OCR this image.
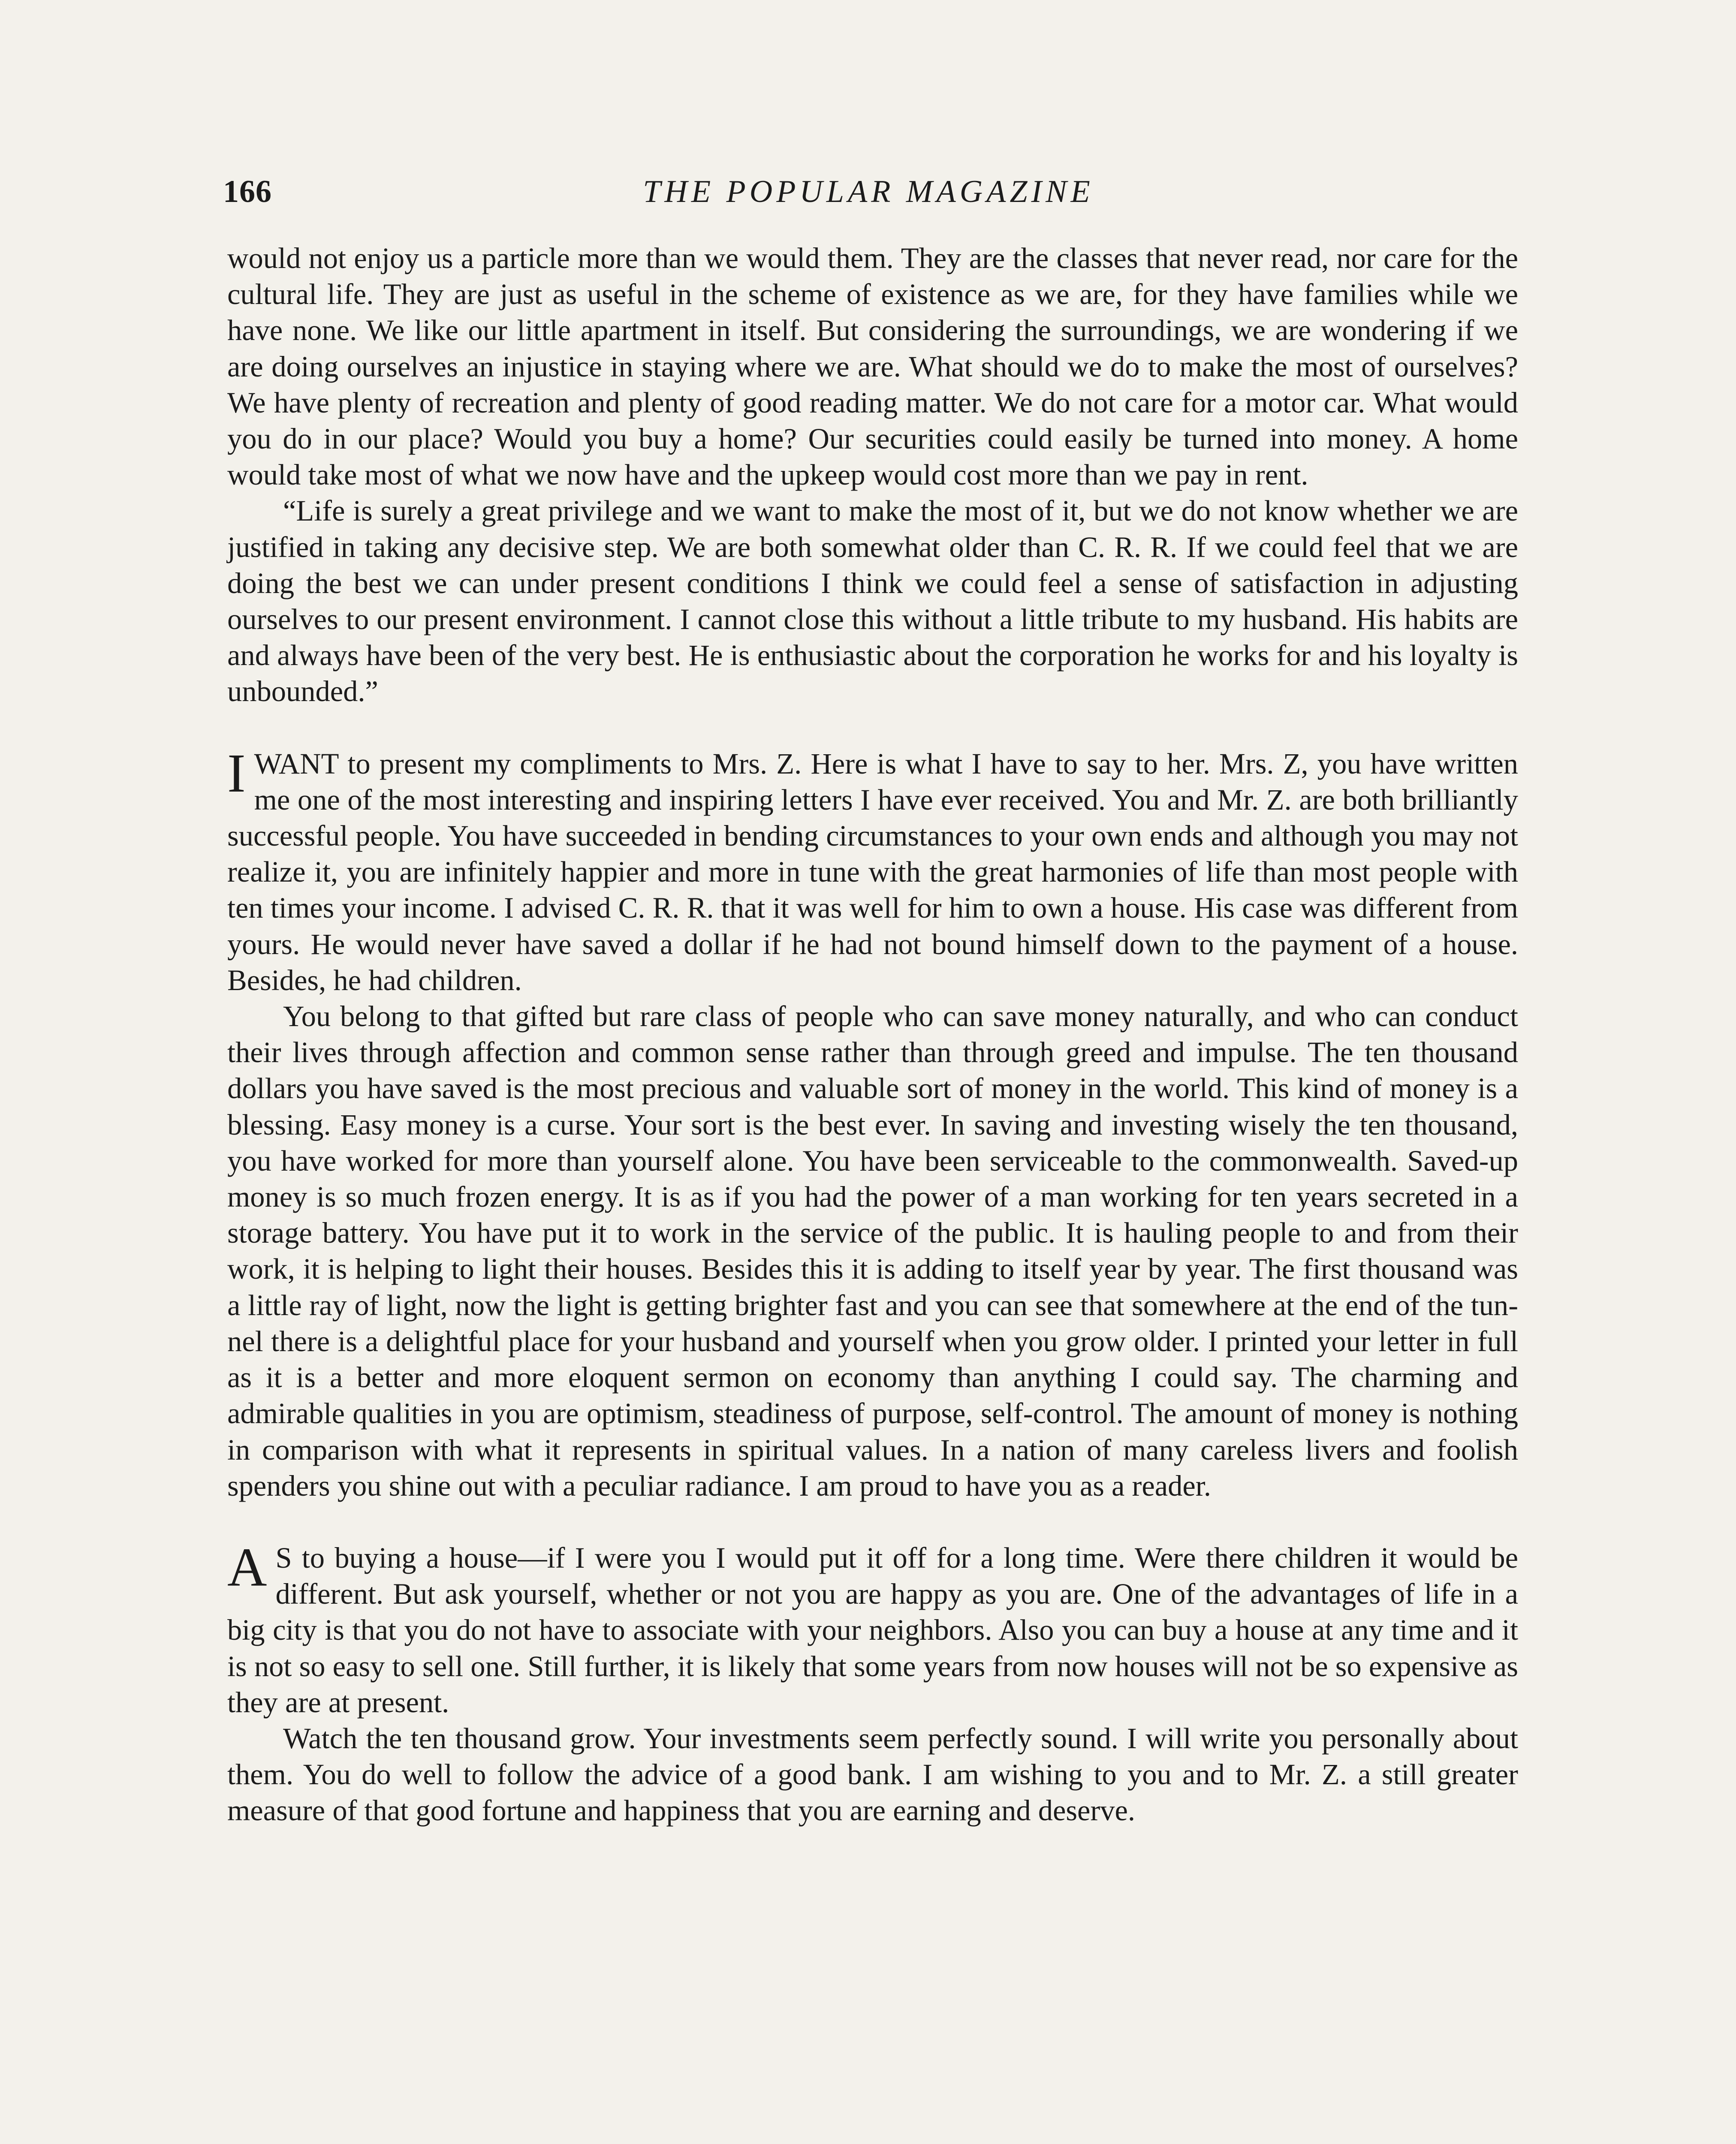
166	THE POPULAR MAGAZINE

would not enjoy us a particle more than we would them. They are the classes that never read, nor care for the cultural life. They are just as useful in the scheme of existence as we are, for they have families while we have none. We like our little apartment in itself. But considering the surroundings, we are wondering if we are doing ourselves an injustice in staying where we are. What should we do to make the most of ourselves? We have plenty of recreation and plenty of good reading matter. We do not care for a motor car. What would you do in our place? Would you buy a home? Our securities could easily be turned into money. A home would take most of what we now have and the upkeep would cost more than we pay in rent.

“Life is surely a great privilege and we want to make the most of it, but we do not know whether we are justified in taking any decisive step. We are both somewhat older than C. R. R. If we could feel that we are doing the best we can under present conditions I think we could feel a sense of satisfaction in adjusting ourselves to our present environment. I cannot close this without a little tribute to my husband. His habits are and always have been of the very best. He is enthusiastic about the corporation he works for and his loyalty is unbounded.”

I WANT to present my compliments to Mrs. Z. Here is what I have to say to her. Mrs. Z, you have written me one of the most interesting and inspiring letters I have ever received. You and Mr. Z. are both brilliantly successful people. You have succeeded in bending circumstances to your own ends and although you may not realize it, you are infinitely happier and more in tune with the great harmonies of life than most people with ten times your income. I advised C. R. R. that it was well for him to own a house. His case was different from yours. He would never have saved a dollar if he had not bound himself down to the payment of a house. Besides, he had children.

You belong to that gifted but rare class of people who can save money naturally, and who can conduct their lives through affection and common sense rather than through greed and impulse. The ten thousand dollars you have saved is the most precious and valuable sort of money in the world. This kind of money is a blessing. Easy money is a curse. Your sort is the best ever. In saving and investing wisely the ten thousand, you have worked for more than yourself alone. You have been serviceable to the commonwealth. Saved-up money is so much frozen energy. It is as if you had the power of a man working for ten years secreted in a storage battery. You have put it to work in the service of the public. It is hauling people to and from their work, it is helping to light their houses. Besides this it is adding to itself year by year. The first thousand was a little ray of light, now the light is getting brighter fast and you can see that somewhere at the end of the tunnel there is a delightful place for your husband and yourself when you grow older. I printed your letter in full as it is a better and more eloquent sermon on economy than anything I could say. The charming and admirable qualities in you are optimism, steadiness of purpose, self-control. The amount of money is nothing in comparison with what it represents in spiritual values. In a nation of many careless livers and foolish spenders you shine out with a peculiar radiance. I am proud to have you as a reader.

A S to buying a house—if I were you I would put it off for a long time. Were there children it would be different. But ask yourself, whether or not you are happy as you are. One of the advantages of life in a big city is that you do not have to associate with your neighbors. Also you can buy a house at any time and it is not so easy to sell one. Still further, it is likely that some years from now houses will not be so expensive as they are at present.

Watch the ten thousand grow. Your investments seem perfectly sound. I will write you personally about them. You do well to follow the advice of a good bank. I am wishing to you and to Mr. Z. a still greater measure of that good fortune and happiness that you are earning and deserve.
